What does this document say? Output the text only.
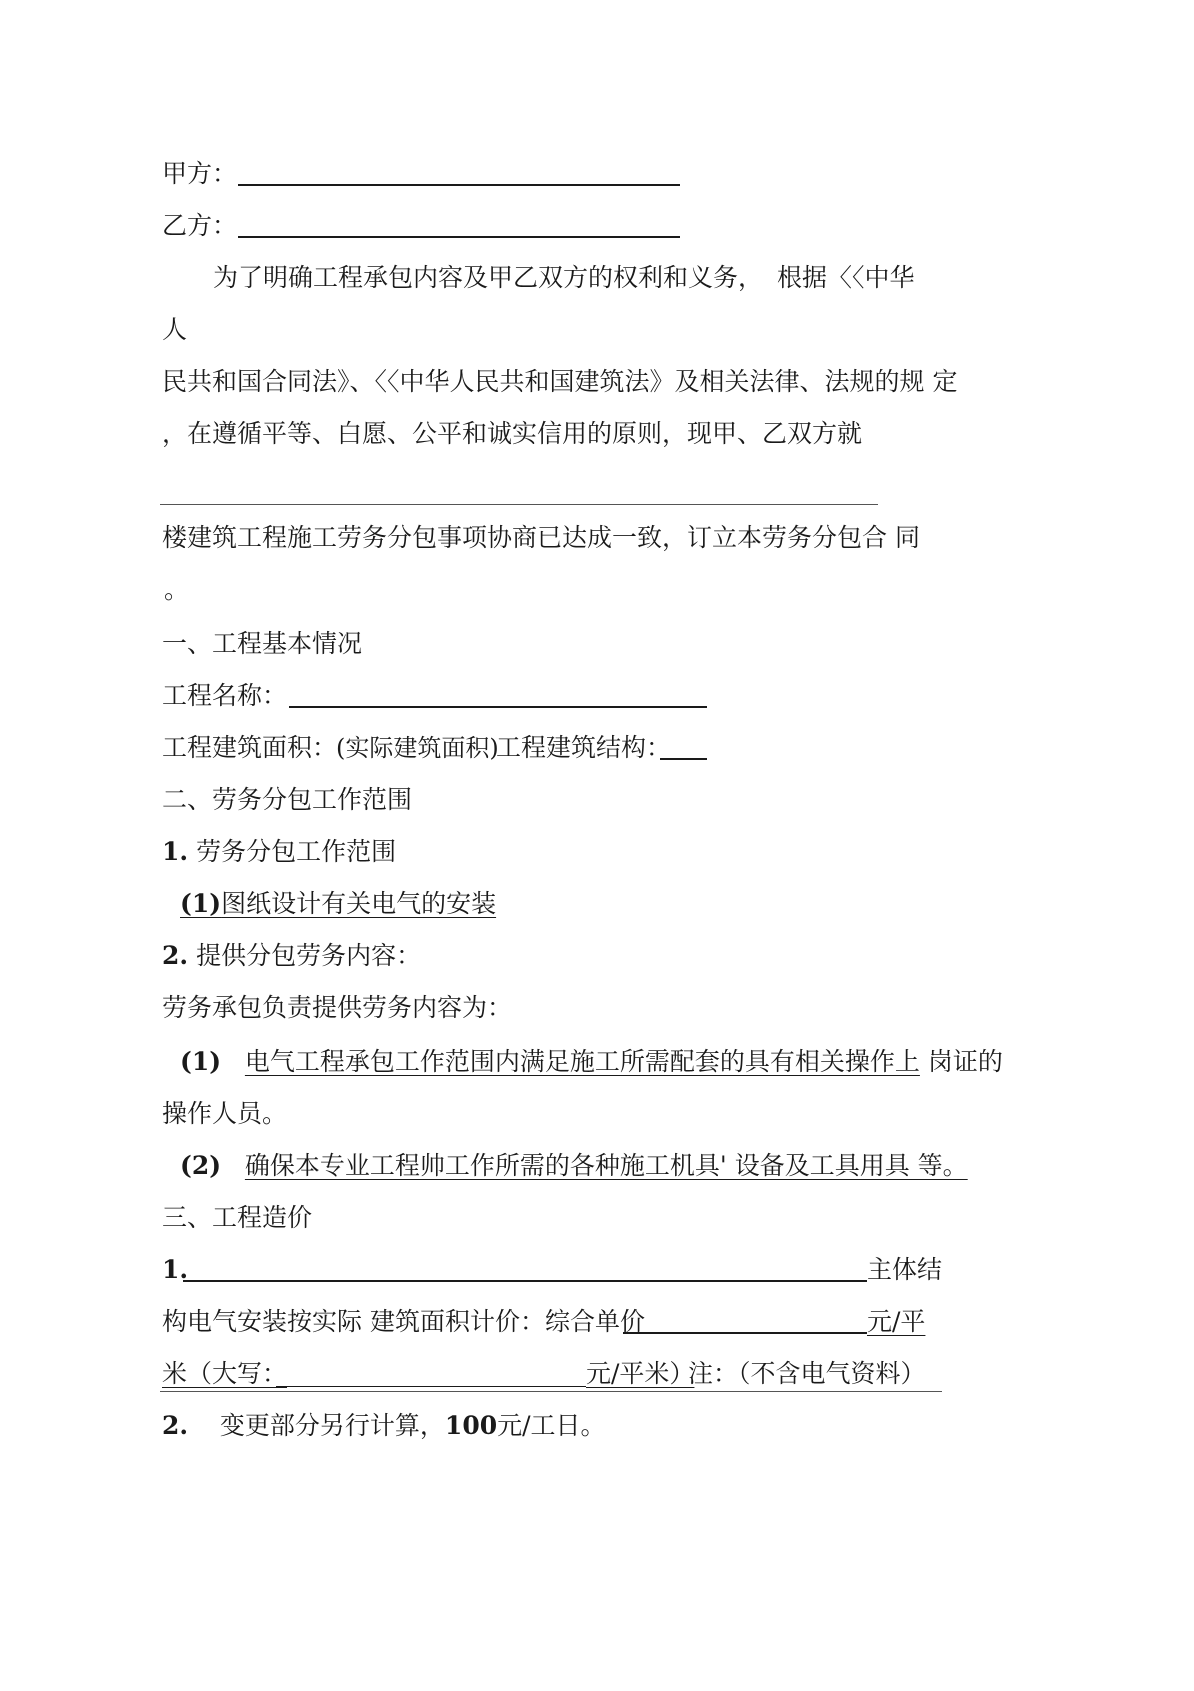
甲方：
乙方：
为了明确工程承包内容及甲乙双方的权利和义务， 根据〈〈中华
人
民共和国合同法》、〈〈中华人民共和国建筑法》及相关法律、法规的规 定
，在遵循平等、白愿、公平和诚实信用的原则，现甲、乙双方就
楼建筑工程施工劳务分包事项协商已达成一致，订立本劳务分包合 同
。
一、工程基本情况
工程名称：
工程建筑面积：
(实际建筑面积)
工程建筑结构：
二、劳务分包工作范围
1. 劳务分包工作范围
(1)图纸设计有关电气的安装
2. 提供分包劳务内容：
劳务承包负责提供劳务内容为：
(1) 电气工程承包工作范围内满足施工所需配套的具有相关操作上 岗证的
操作人员。
(2) 确保本专业工程帅工作所需的各种施工机具' 设备及工具用具 等。
三、工程造价
1.	主体结
构电气安装按实际 建筑面积计价：综合单价	元/平
米（大写：	元/平米）
注：（不含电气资料）
2. 变更部分另行计算，100元/工日。
